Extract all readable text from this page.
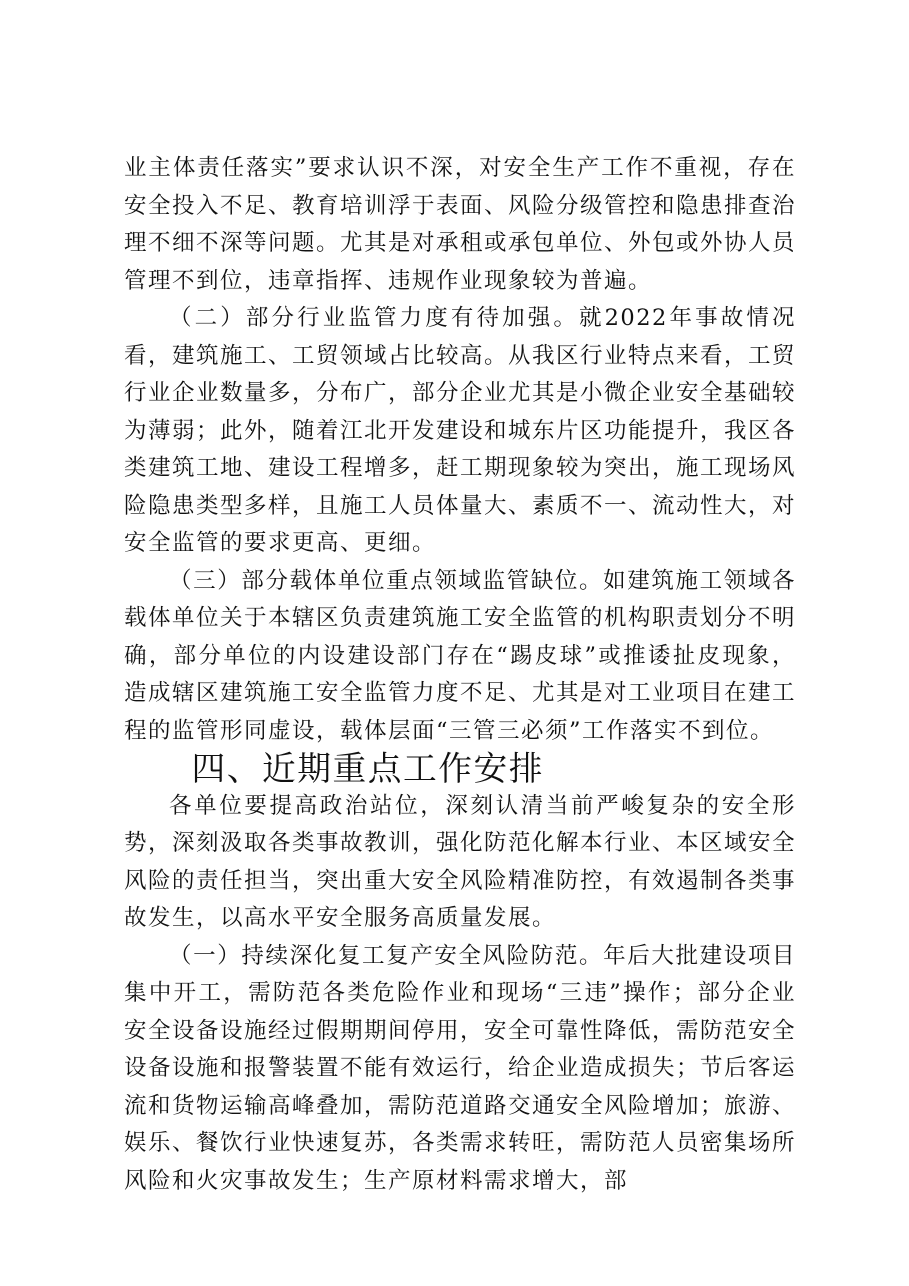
业主体责任落实”要求认识不深，对安全生产工作不重视，存在安全投入不足、教育培训浮于表面、风险分级管控和隐患排查治理不细不深等问题。尤其是对承租或承包单位、外包或外协人员管理不到位，违章指挥、违规作业现象较为普遍。

（二）部分行业监管力度有待加强。就2022年事故情况看，建筑施工、工贸领域占比较高。从我区行业特点来看，工贸行业企业数量多，分布广，部分企业尤其是小微企业安全基础较为薄弱；此外，随着江北开发建设和城东片区功能提升，我区各类建筑工地、建设工程增多，赶工期现象较为突出，施工现场风险隐患类型多样，且施工人员体量大、素质不一、流动性大，对安全监管的要求更高、更细。

（三）部分载体单位重点领域监管缺位。如建筑施工领域各载体单位关于本辖区负责建筑施工安全监管的机构职责划分不明确，部分单位的内设建设部门存在“踢皮球”或推诿扯皮现象，造成辖区建筑施工安全监管力度不足、尤其是对工业项目在建工程的监管形同虚设，载体层面“三管三必须”工作落实不到位。

四、近期重点工作安排

各单位要提高政治站位，深刻认清当前严峻复杂的安全形势，深刻汲取各类事故教训，强化防范化解本行业、本区域安全风险的责任担当，突出重大安全风险精准防控，有效遏制各类事故发生，以高水平安全服务高质量发展。

（一）持续深化复工复产安全风险防范。年后大批建设项目集中开工，需防范各类危险作业和现场“三违”操作；部分企业安全设备设施经过假期期间停用，安全可靠性降低，需防范安全设备设施和报警装置不能有效运行，给企业造成损失；节后客运流和货物运输高峰叠加，需防范道路交通安全风险增加；旅游、娱乐、餐饮行业快速复苏，各类需求转旺，需防范人员密集场所风险和火灾事故发生；生产原材料需求增大，部
